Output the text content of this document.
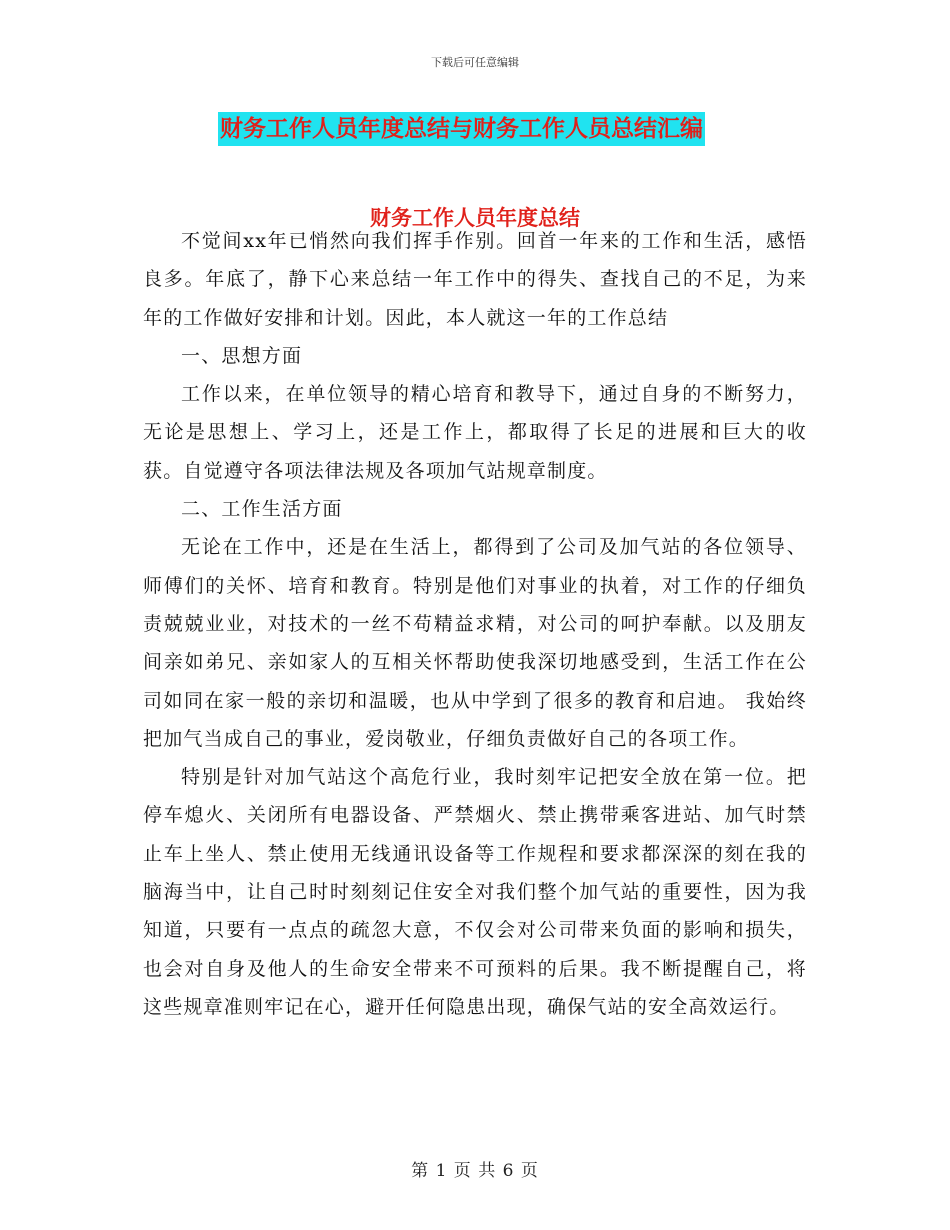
下载后可任意编辑
财务工作人员年度总结与财务工作人员总结汇编
财务工作人员年度总结

不觉间xx年已悄然向我们挥手作别。回首一年来的工作和生活，感悟良多。年底了，静下心来总结一年工作中的得失、查找自己的不足，为来年的工作做好安排和计划。因此，本人就这一年的工作总结

一、思想方面

工作以来，在单位领导的精心培育和教导下，通过自身的不断努力，无论是思想上、学习上，还是工作上，都取得了长足的进展和巨大的收获。自觉遵守各项法律法规及各项加气站规章制度。

二、工作生活方面

无论在工作中，还是在生活上，都得到了公司及加气站的各位领导、师傅们的关怀、培育和教育。特别是他们对事业的执着，对工作的仔细负责兢兢业业，对技术的一丝不苟精益求精，对公司的呵护奉献。以及朋友间亲如弟兄、亲如家人的互相关怀帮助使我深切地感受到，生活工作在公司如同在家一般的亲切和温暖，也从中学到了很多的教育和启迪。 我始终把加气当成自己的事业，爱岗敬业，仔细负责做好自己的各项工作。

特别是针对加气站这个高危行业，我时刻牢记把安全放在第一位。把停车熄火、关闭所有电器设备、严禁烟火、禁止携带乘客进站、加气时禁止车上坐人、禁止使用无线通讯设备等工作规程和要求都深深的刻在我的脑海当中，让自己时时刻刻记住安全对我们整个加气站的重要性，因为我知道，只要有一点点的疏忽大意，不仅会对公司带来负面的影响和损失，也会对自身及他人的生命安全带来不可预料的后果。我不断提醒自己，将这些规章准则牢记在心，避开任何隐患出现，确保气站的安全高效运行。

第 1 页 共 6 页
